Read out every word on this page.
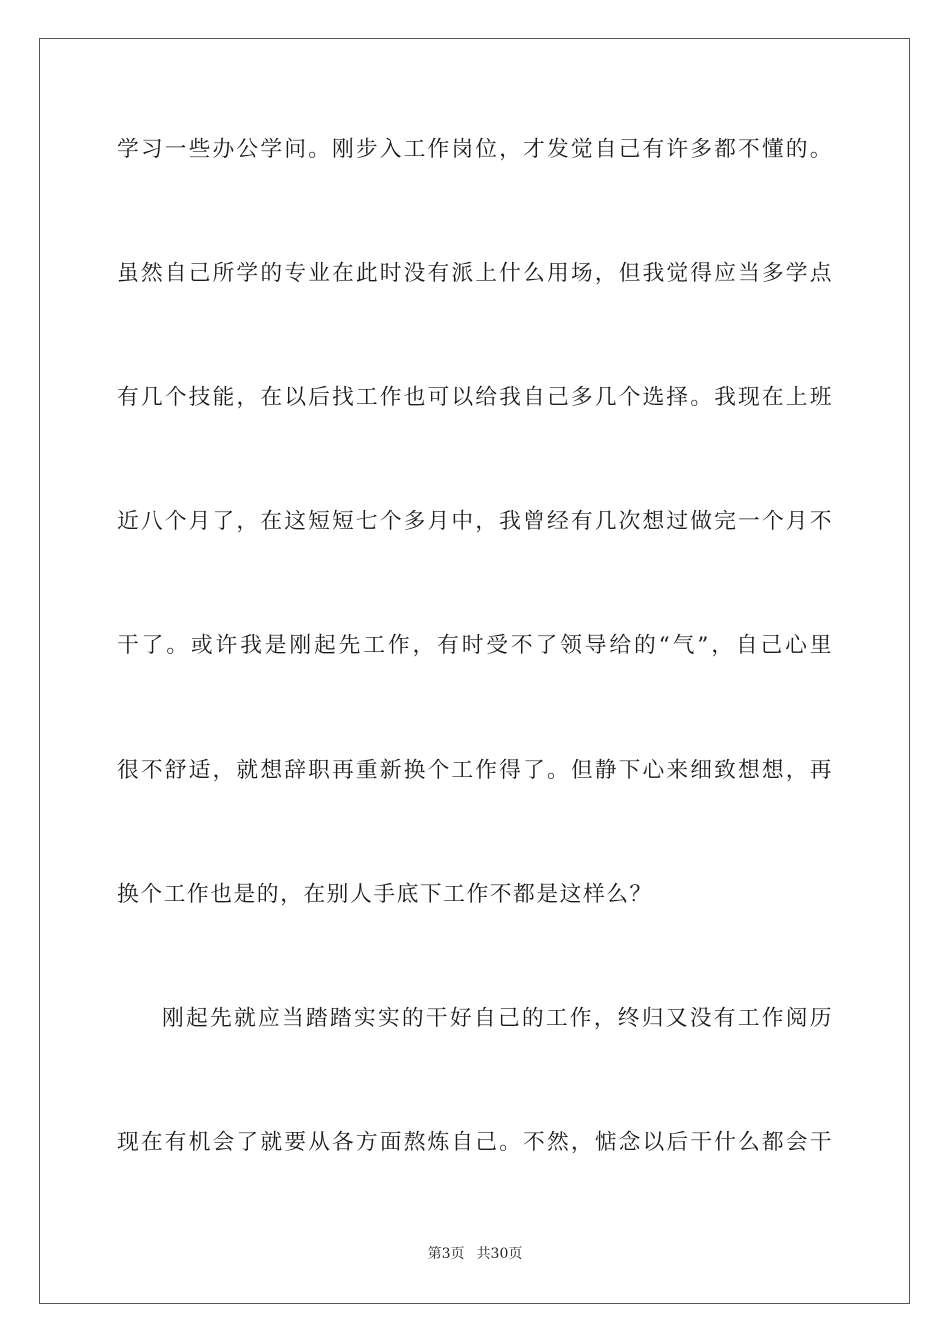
学习一些办公学问。刚步入工作岗位，才发觉自己有许多都不懂的。
虽然自己所学的专业在此时没有派上什么用场，但我觉得应当多学点
有几个技能，在以后找工作也可以给我自己多几个选择。我现在上班
近八个月了，在这短短七个多月中，我曾经有几次想过做完一个月不
干了。或许我是刚起先工作，有时受不了领导给的“气”，自己心里
很不舒适，就想辞职再重新换个工作得了。但静下心来细致想想，再
换个工作也是的，在别人手底下工作不都是这样么？
刚起先就应当踏踏实实的干好自己的工作，终归又没有工作阅历
现在有机会了就要从各方面熬炼自己。不然，惦念以后干什么都会干
第3页 共30页
